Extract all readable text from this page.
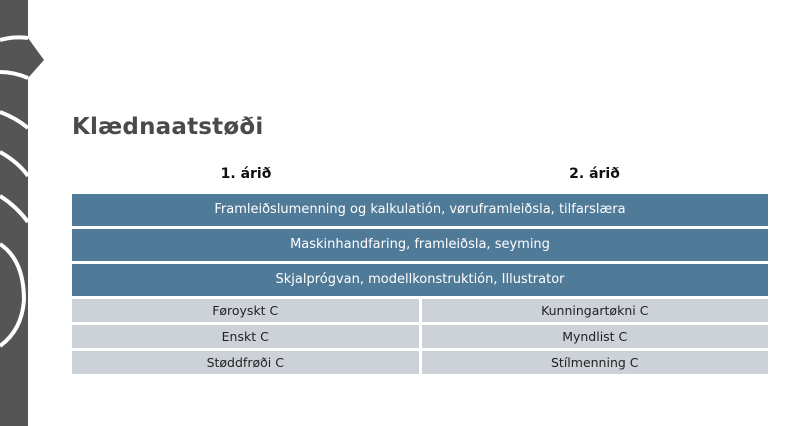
Klædnaatstøði
1. árið	2. árið
Framleiðslumenning og kalkulatión, vøruframleiðsla, tilfarslæra
Maskinhandfaring, framleiðsla, seyming
Skjalprógvan, modellkonstruktión, Illustrator
Føroyskt C	Kunningartøkni C
Enskt C	Myndlist C
Støddfrøði C	Stílmenning C
